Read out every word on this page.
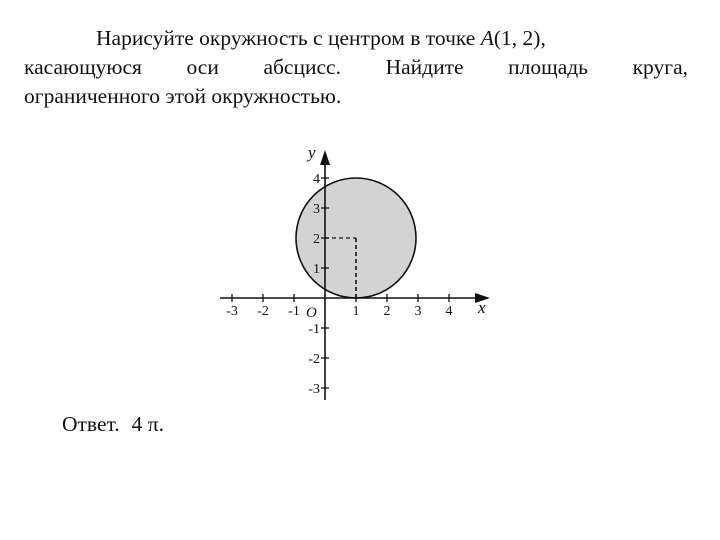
Нарисуйте окружность с центром в точке A(1, 2),

касающуюся оси абсцисс. Найдите площадь круга,

ограниченного этой окружностью.

-3 -2 -1	1 2 3 4
4
3
2
1
-1
-2
-3
x
y
O
Ответ. 4 π.
